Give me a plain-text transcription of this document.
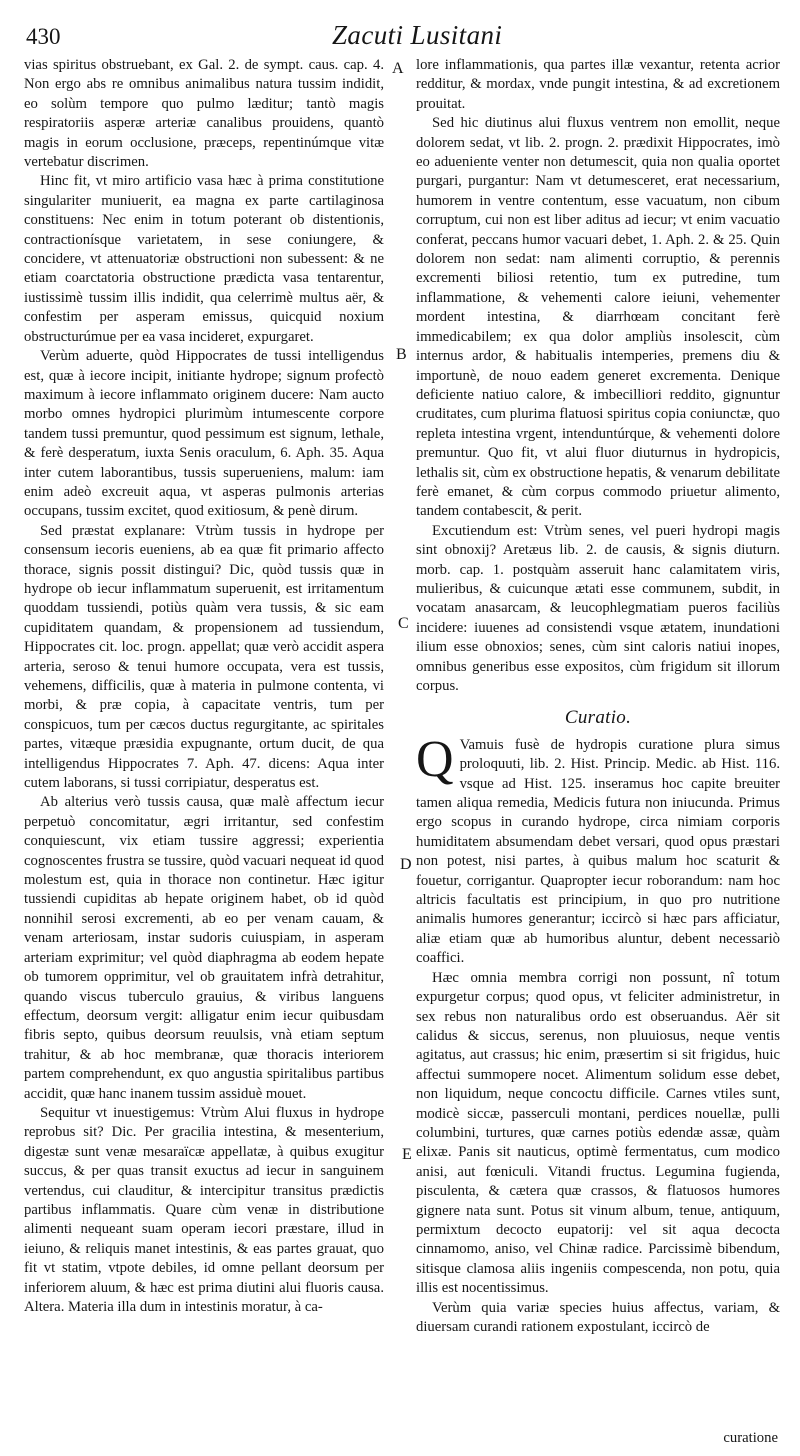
430	Zacuti Lusitani

vias spiritus obstruebant, ex Gal. 2. de sympt. caus. cap. 4. Non ergo abs re omnibus animalibus natura tussim indidit, eo solùm tempore quo pulmo læditur; tantò magis respiratoriis asperæ arteriæ canalibus prouidens, quantò magis in eorum occlusione, præceps, repentinúmque vitæ vertebatur discrimen.

Hinc fit, vt miro artificio vasa hæc à prima constitutione singulariter muniuerit, ea magna ex parte cartilaginosa constituens: Nec enim in totum poterant ob distentionis, contractionísque varietatem, in sese coniungere, & concidere, vt attenuatoriæ obstructioni non subessent: & ne etiam coarctatoria obstructione prædicta vasa tentarentur, iustissimè tussim illis indidit, qua celerrimè multus aër, & confestim per asperam emissus, quicquid noxium obstructurúmue per ea vasa incideret, expurgaret.

Verùm aduerte, quòd Hippocrates de tussi intelligendus est, quæ à iecore incipit, initiante hydrope; signum profectò maximum à iecore inflammato originem ducere: Nam aucto morbo omnes hydropici plurimùm intumescente corpore tandem tussi premuntur, quod pessimum est signum, lethale, & ferè desperatum, iuxta Senis oraculum, 6. Aph. 35. Aqua inter cutem laborantibus, tussis superueniens, malum: iam enim adeò excreuit aqua, vt asperas pulmonis arterias occupans, tussim excitet, quod exitiosum, & penè dirum.

Sed præstat explanare: Vtrùm tussis in hydrope per consensum iecoris eueniens, ab ea quæ fit primario affecto thorace, signis possit distingui? Dic, quòd tussis quæ in hydrope ob iecur inflammatum superuenit, est irritamentum quoddam tussiendi, potiùs quàm vera tussis, & sic eam cupiditatem quandam, & propensionem ad tussiendum, Hippocrates cit. loc. progn. appellat; quæ verò accidit aspera arteria, seroso & tenui humore occupata, vera est tussis, vehemens, difficilis, quæ à materia in pulmone contenta, vi morbi, & præ copia, à capacitate ventris, tum per conspicuos, tum per cæcos ductus regurgitante, ac spiritales partes, vitæque præsidia expugnante, ortum ducit, de qua intelligendus Hippocrates 7. Aph. 47. dicens: Aqua inter cutem laborans, si tussi corripiatur, desperatus est.

Ab alterius verò tussis causa, quæ malè affectum iecur perpetuò concomitatur, ægri irritantur, sed confestim conquiescunt, vix etiam tussire aggressi; experientia cognoscentes frustra se tussire, quòd vacuari nequeat id quod molestum est, quia in thorace non continetur. Hæc igitur tussiendi cupiditas ab hepate originem habet, ob id quòd nonnihil serosi excrementi, ab eo per venam cauam, & venam arteriosam, instar sudoris cuiuspiam, in asperam arteriam exprimitur; vel quòd diaphragma ab eodem hepate ob tumorem opprimitur, vel ob grauitatem infrà detrahitur, quando viscus tuberculo grauius, & viribus languens effectum, deorsum vergit: alligatur enim iecur quibusdam fibris septo, quibus deorsum reuulsis, vnà etiam septum trahitur, & ab hoc membranæ, quæ thoracis interiorem partem comprehendunt, ex quo angustia spiritalibus partibus accidit, quæ hanc inanem tussim assiduè mouet.

Sequitur vt inuestigemus: Vtrùm Alui fluxus in hydrope reprobus sit? Dic. Per gracilia intestina, & mesenterium, digestæ sunt venæ mesaraïcæ appellatæ, à quibus exugitur succus, & per quas transit exuctus ad iecur in sanguinem vertendus, cui clauditur, & intercipitur transitus prædictis partibus inflammatis. Quare cùm venæ in distributione alimenti nequeant suam operam iecori præstare, illud in ieiuno, & reliquis manet intestinis, & eas partes grauat, quo fit vt statim, vtpote debiles, id omne pellant deorsum per inferiorem aluum, & hæc est prima diutini alui fluoris causa. Altera. Materia illa dum in intestinis moratur, à ca-

A
B
C
D
E

lore inflammationis, qua partes illæ vexantur, retenta acrior redditur, & mordax, vnde pungit intestina, & ad excretionem prouitat.

Sed hic diutinus alui fluxus ventrem non emollit, neque dolorem sedat, vt lib. 2. progn. 2. prædixit Hippocrates, imò eo adueniente venter non detumescit, quia non qualia oportet purgari, purgantur: Nam vt detumesceret, erat necessarium, humorem in ventre contentum, esse vacuatum, non cibum corruptum, cui non est liber aditus ad iecur; vt enim vacuatio conferat, peccans humor vacuari debet, 1. Aph. 2. & 25. Quin dolorem non sedat: nam alimenti corruptio, & perennis excrementi biliosi retentio, tum ex putredine, tum inflammatione, & vehementi calore ieiuni, vehementer mordent intestina, & diarrhœam concitant ferè immedicabilem; ex qua dolor ampliùs insolescit, cùm internus ardor, & habitualis intemperies, premens diu & importunè, de nouo eadem generet excrementa. Denique deficiente natiuo calore, & imbecilliori reddito, gignuntur cruditates, cum plurima flatuosi spiritus copia coniunctæ, quo repleta intestina vrgent, intenduntúrque, & vehementi dolore premuntur. Quo fit, vt alui fluor diuturnus in hydropicis, lethalis sit, cùm ex obstructione hepatis, & venarum debilitate ferè emanet, & cùm corpus commodo priuetur alimento, tandem contabescit, & perit.

Excutiendum est: Vtrùm senes, vel pueri hydropi magis sint obnoxij? Aretæus lib. 2. de causis, & signis diuturn. morb. cap. 1. postquàm asseruit hanc calamitatem viris, mulieribus, & cuicunque ætati esse communem, subdit, in vocatam anasarcam, & leucophlegmatiam pueros faciliùs incidere: iuuenes ad consistendi vsque ætatem, inundationi ilium esse obnoxios; senes, cùm sint caloris natiui inopes, omnibus generibus esse expositos, cùm frigidum sit illorum corpus.

Curatio.

Q Vamuis fusè de hydropis curatione plura simus proloquuti, lib. 2. Hist. Princip. Medic. ab Hist. 116. vsque ad Hist. 125. inseramus hoc capite breuiter tamen aliqua remedia, Medicis futura non iniucunda. Primus ergo scopus in curando hydrope, circa nimiam corporis humiditatem absumendam debet versari, quod opus præstari non potest, nisi partes, à quibus malum hoc scaturit & fouetur, corrigantur. Quapropter iecur roborandum: nam hoc altricis facultatis est principium, in quo pro nutritione animalis humores generantur; iccircò si hæc pars afficiatur, aliæ etiam quæ ab humoribus aluntur, debent necessariò coaffici.

Hæc omnia membra corrigi non possunt, nî totum expurgetur corpus; quod opus, vt feliciter administretur, in sex rebus non naturalibus ordo est obseruandus. Aër sit calidus & siccus, serenus, non pluuiosus, neque ventis agitatus, aut crassus; hic enim, præsertim si sit frigidus, huic affectui summopere nocet. Alimentum solidum esse debet, non liquidum, neque concoctu difficile. Carnes vtiles sunt, modicè siccæ, passerculi montani, perdices nouellæ, pulli columbini, turtures, quæ carnes potiùs edendæ assæ, quàm elixæ. Panis sit nauticus, optimè fermentatus, cum modico anisi, aut fœniculi. Vitandi fructus. Legumina fugienda, pisculenta, & cætera quæ crassos, & flatuosos humores gignere nata sunt. Potus sit vinum album, tenue, antiquum, permixtum decocto eupatorij: vel sit aqua decocta cinnamomo, aniso, vel Chinæ radice. Parcissimè bibendum, sitisque clamosa aliis ingeniis compescenda, non potu, quia illis est nocentissimus.

Verùm quia variæ species huius affectus, variam, & diuersam curandi rationem expostulant, iccircò de

curatione
